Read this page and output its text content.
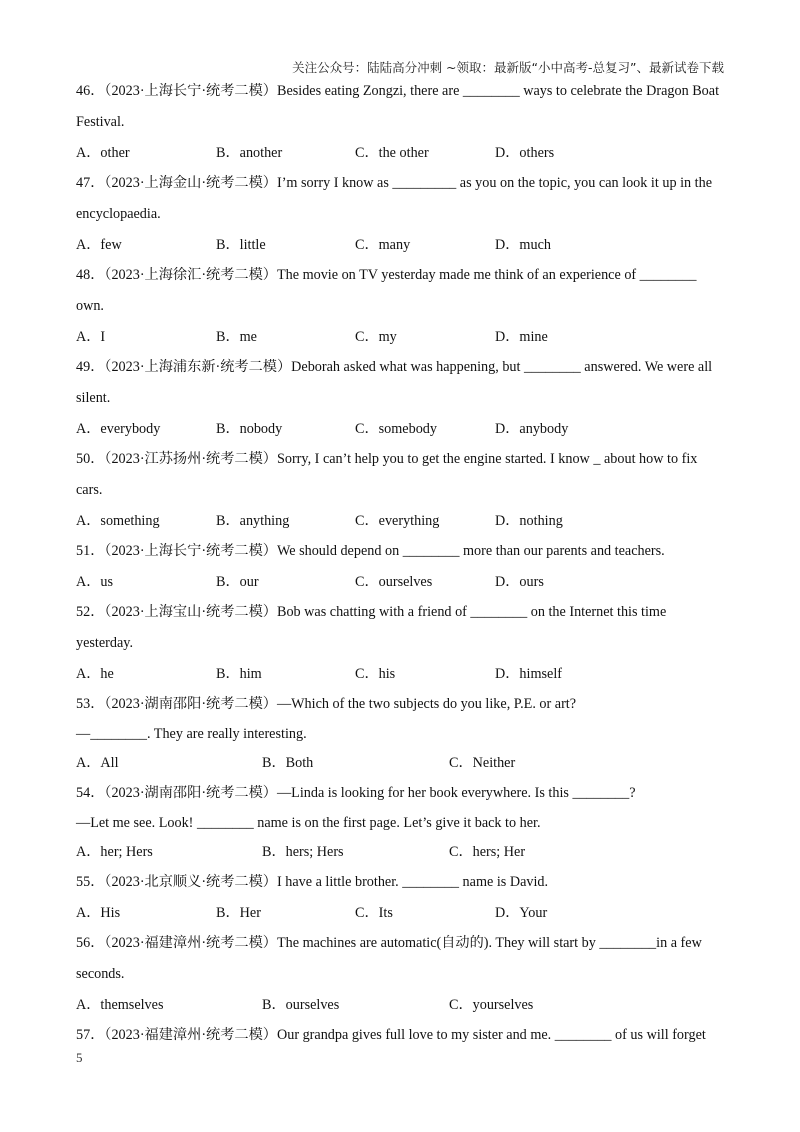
关注公众号：陆陆高分冲刺 ~领取：最新版“小中高考-总复习”、最新试卷下载

46．（2023·上海长宁·统考二模）Besides eating Zongzi, there are ________ ways to celebrate the Dragon Boat Festival.

A．other	B．another	C．the other	D．others

47．（2023·上海金山·统考二模）I’m sorry I know as _________ as you on the topic, you can look it up in the encyclopaedia.

A．few	B．little	C．many	D．much

48．（2023·上海徐汇·统考二模）The movie on TV yesterday made me think of an experience of ________ own.

A．I	B．me	C．my	D．mine

49．（2023·上海浦东新·统考二模）Deborah asked what was happening, but ________ answered. We were all silent.

A．everybody	B．nobody	C．somebody	D．anybody

50．（2023·江苏扬州·统考二模）Sorry, I can’t help you to get the engine started. I know _ about how to fix cars.

A．something	B．anything	C．everything	D．nothing

51．（2023·上海长宁·统考二模）We should depend on ________ more than our parents and teachers.

A．us	B．our	C．ourselves	D．ours

52．（2023·上海宝山·统考二模）Bob was chatting with a friend of ________ on the Internet this time yesterday.

A．he	B．him	C．his	D．himself

53．（2023·湖南邵阳·统考二模）—Which of the two subjects do you like, P.E. or art?

—________. They are really interesting.

A．All	B．Both	C．Neither

54．（2023·湖南邵阳·统考二模）—Linda is looking for her book everywhere. Is this ________?

—Let me see. Look! ________ name is on the first page. Let’s give it back to her.

A．her; Hers	B．hers; Hers	C．hers; Her

55．（2023·北京顺义·统考二模）I have a little brother. ________ name is David.

A．His	B．Her	C．Its	D．Your

56．（2023·福建漳州·统考二模）The machines are automatic(自动的). They will start by ________in a few seconds.

A．themselves	B．ourselves	C．yourselves

57．（2023·福建漳州·统考二模）Our grandpa gives full love to my sister and me. ________ of us will forget

5
